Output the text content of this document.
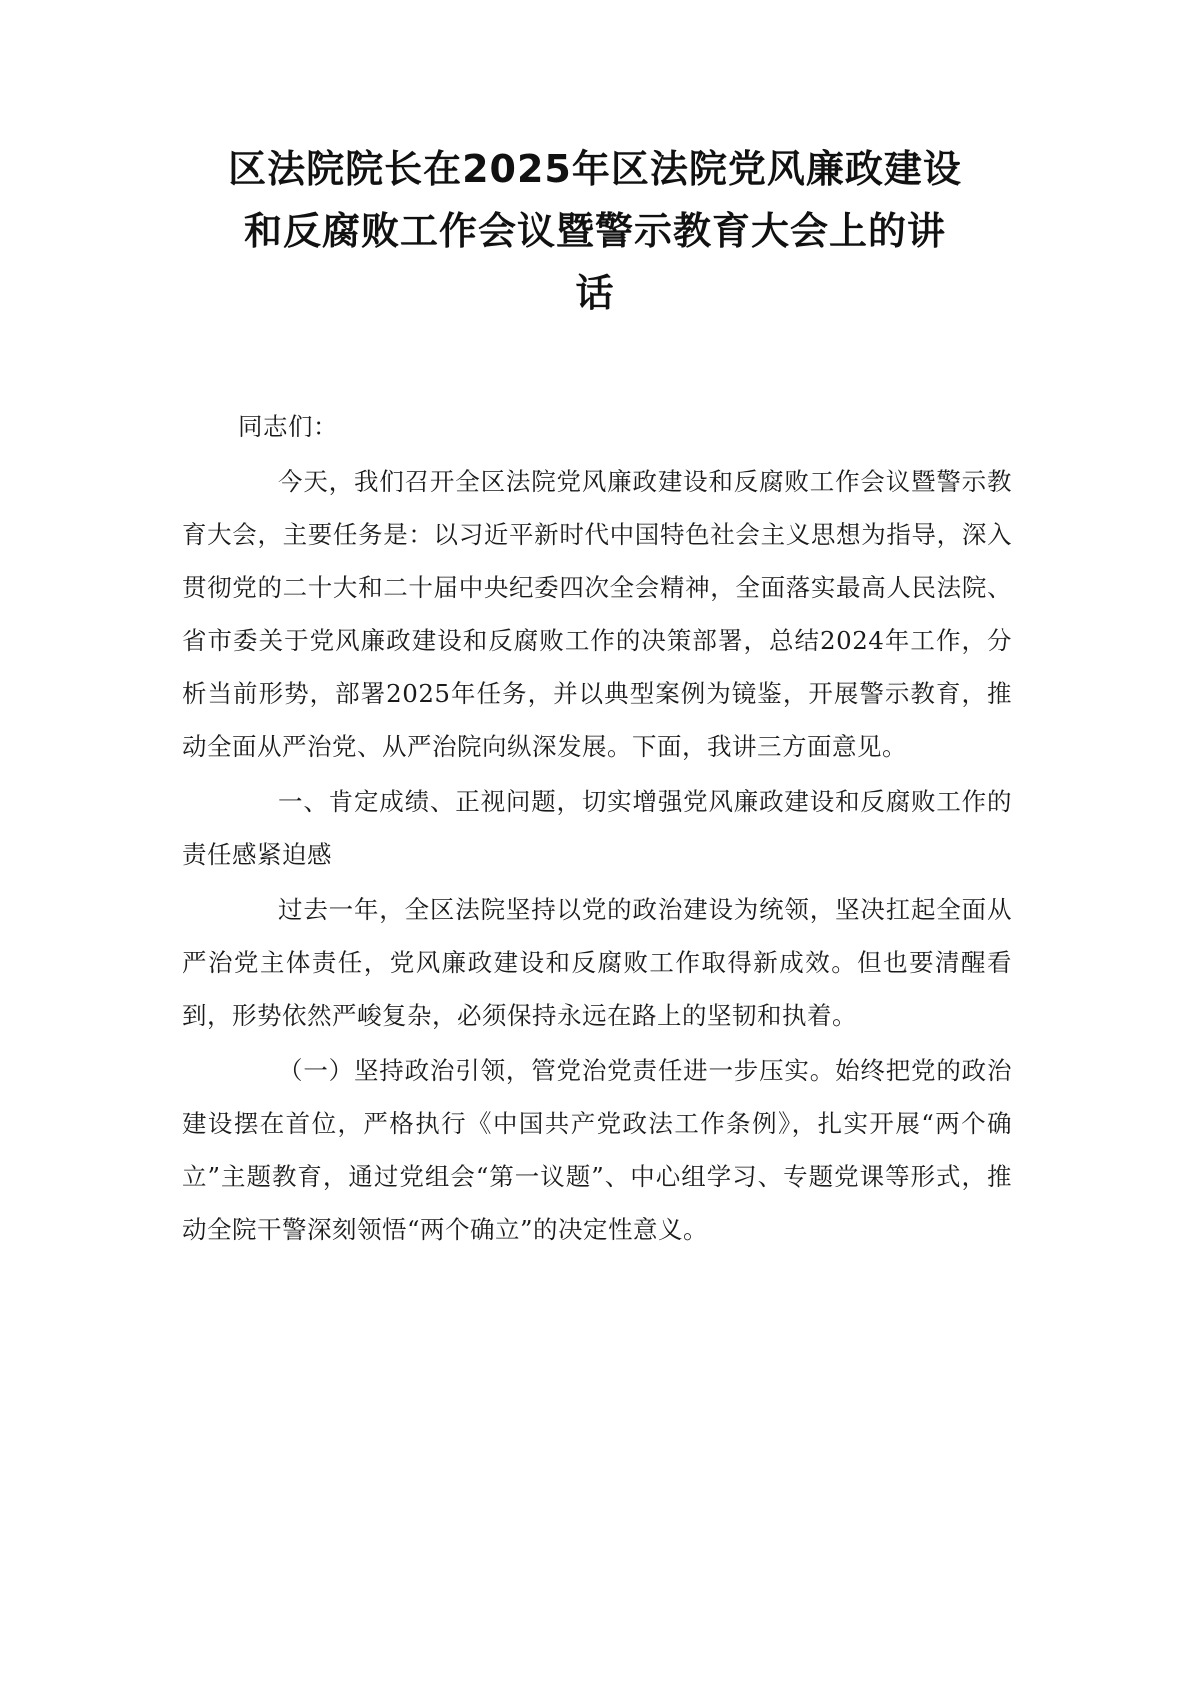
区法院院长在2025年区法院党风廉政建设
和反腐败工作会议暨警示教育大会上的讲
话

同志们：

今天，我们召开全区法院党风廉政建设和反腐败工作会议暨警示教育大会，主要任务是：以习近平新时代中国特色社会主义思想为指导，深入贯彻党的二十大和二十届中央纪委四次全会精神，全面落实最高人民法院、省市委关于党风廉政建设和反腐败工作的决策部署，总结2024年工作，分析当前形势，部署2025年任务，并以典型案例为镜鉴，开展警示教育，推动全面从严治党、从严治院向纵深发展。下面，我讲三方面意见。

一、肯定成绩、正视问题，切实增强党风廉政建设和反腐败工作的责任感紧迫感

过去一年，全区法院坚持以党的政治建设为统领，坚决扛起全面从严治党主体责任，党风廉政建设和反腐败工作取得新成效。但也要清醒看到，形势依然严峻复杂，必须保持永远在路上的坚韧和执着。

（一）坚持政治引领，管党治党责任进一步压实。始终把党的政治建设摆在首位，严格执行《中国共产党政法工作条例》，扎实开展“两个确立”主题教育，通过党组会“第一议题”、中心组学习、专题党课等形式，推动全院干警深刻领悟“两个确立”的决定性意义。
